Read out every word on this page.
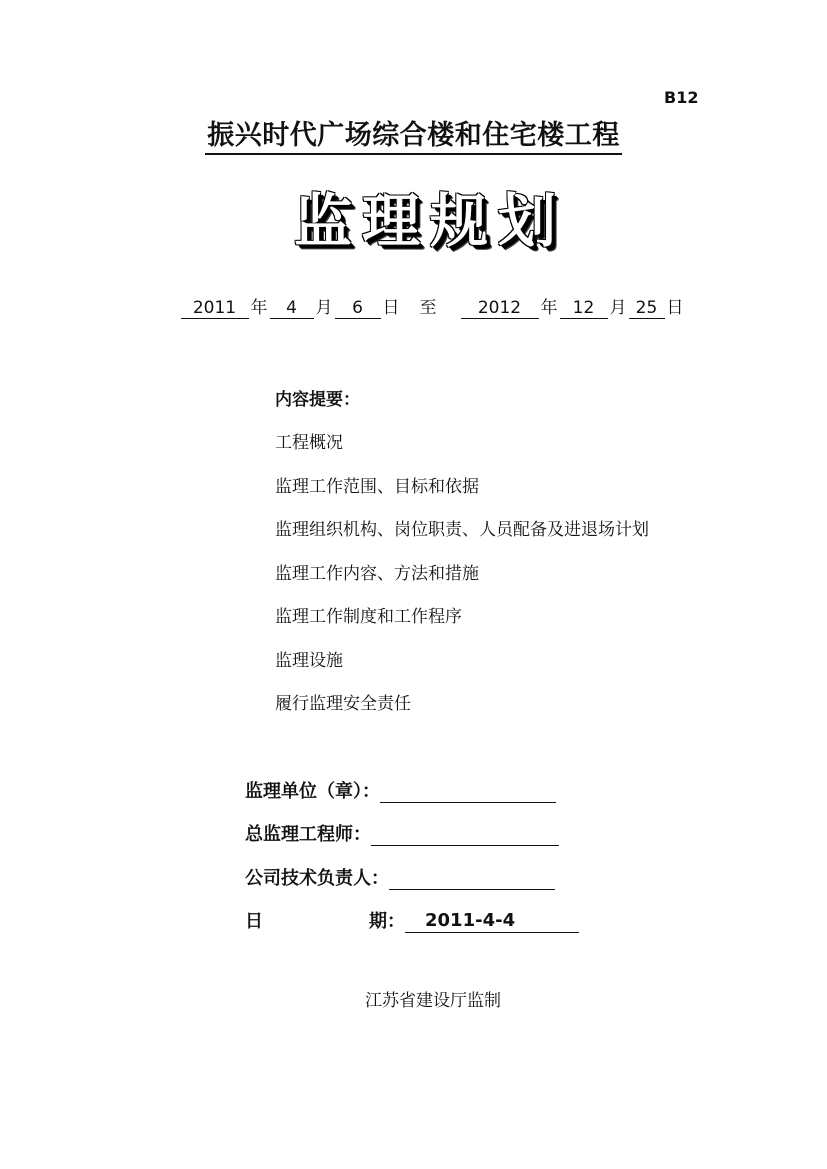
B12
振兴时代广场综合楼和住宅楼工程
监理规划
2011 年 4 月 6 日 至 2012 年 12 月 25 日
内容提要：
工程概况
监理工作范围、目标和依据
监理组织机构、岗位职责、人员配备及进退场计划
监理工作内容、方法和措施
监理工作制度和工作程序
监理设施
履行监理安全责任
监理单位（章）：
总监理工程师：
公司技术负责人：
日	期： 2011-4-4
江苏省建设厅监制
